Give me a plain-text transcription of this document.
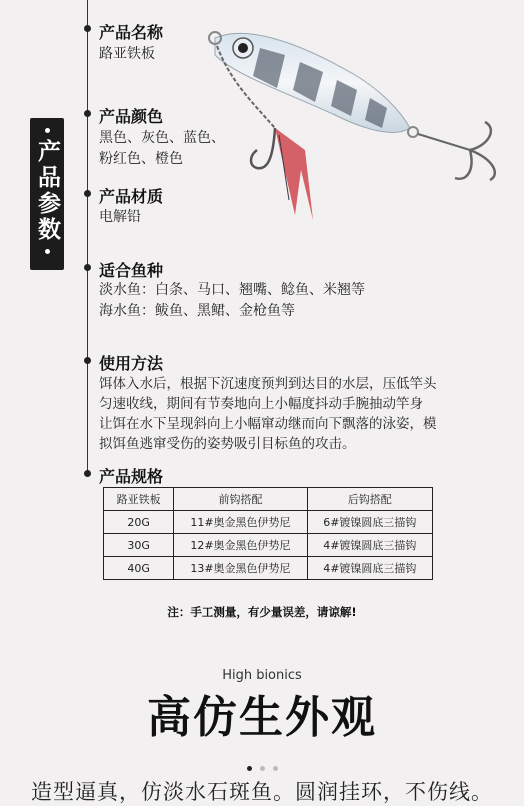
产品参数
产品名称
路亚铁板
产品颜色
黑色、灰色、蓝色、
粉红色、橙色
产品材质
电解铅
适合鱼种
淡水鱼：白条、马口、翘嘴、鲶鱼、米翘等
海水鱼：鲅鱼、黑鲪、金枪鱼等
使用方法
饵体入水后，根据下沉速度预判到达目的水层，压低竿头
匀速收线，期间有节奏地向上小幅度抖动手腕抽动竿身
让饵在水下呈现斜向上小幅窜动继而向下飘落的泳姿，模
拟饵鱼逃窜受伤的姿势吸引目标鱼的攻击。
产品规格
路亚铁板	前钩搭配	后钩搭配
20G	11#奥金黑色伊势尼	6#镀镍圆底三描钩
30G	12#奥金黑色伊势尼	4#镀镍圆底三描钩
40G	13#奥金黑色伊势尼	4#镀镍圆底三描钩
注：手工测量，有少量误差，请谅解!
High bionics
高仿生外观
造型逼真，仿淡水石斑鱼。圆润挂环，不伤线。
